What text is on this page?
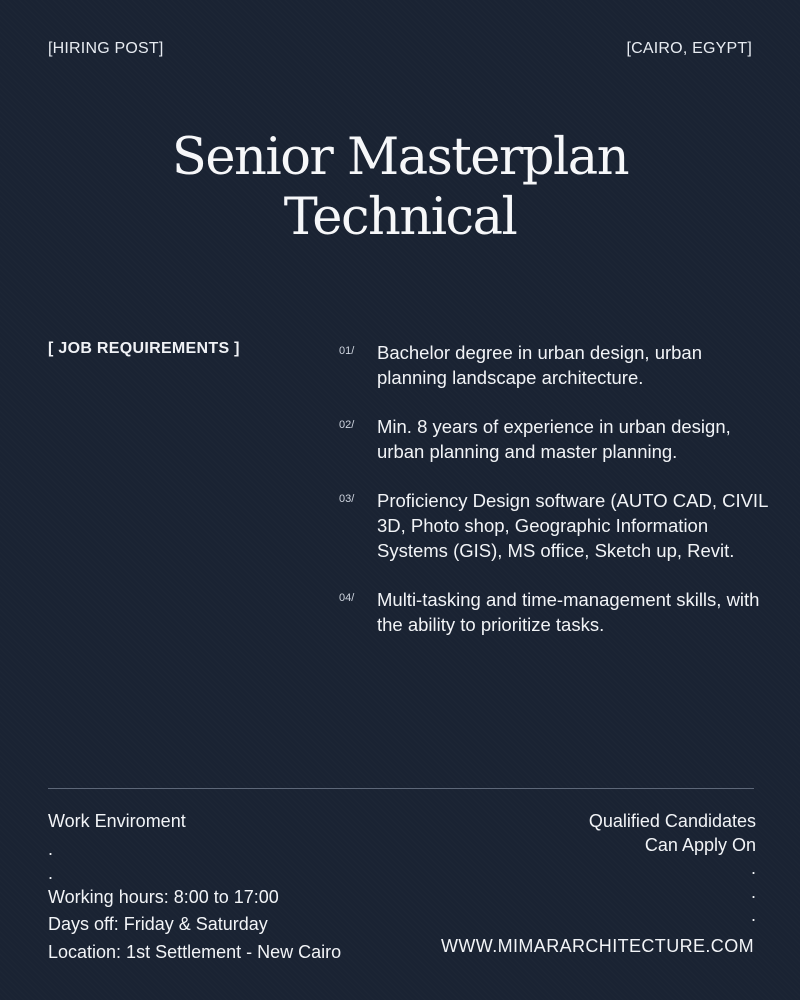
[HIRING POST]	[CAIRO, EGYPT]
Senior Masterplan
Technical
[ JOB REQUIREMENTS ]	01/	Bachelor degree in urban design, urban planning landscape architecture.
02/	Min. 8 years of experience in urban design, urban planning and master planning.
03/	Proficiency Design software (AUTO CAD, CIVIL 3D, Photo shop, Geographic Information Systems (GIS), MS office, Sketch up, Revit.
04/	Multi-tasking and time-management skills, with the ability to prioritize tasks.
Work Enviroment
.
.
Working hours: 8:00 to 17:00
Days off: Friday & Saturday
Location: 1st Settlement - New Cairo
Qualified Candidates
Can Apply On
.
.
.
WWW.MIMARARCHITECTURE.COM
